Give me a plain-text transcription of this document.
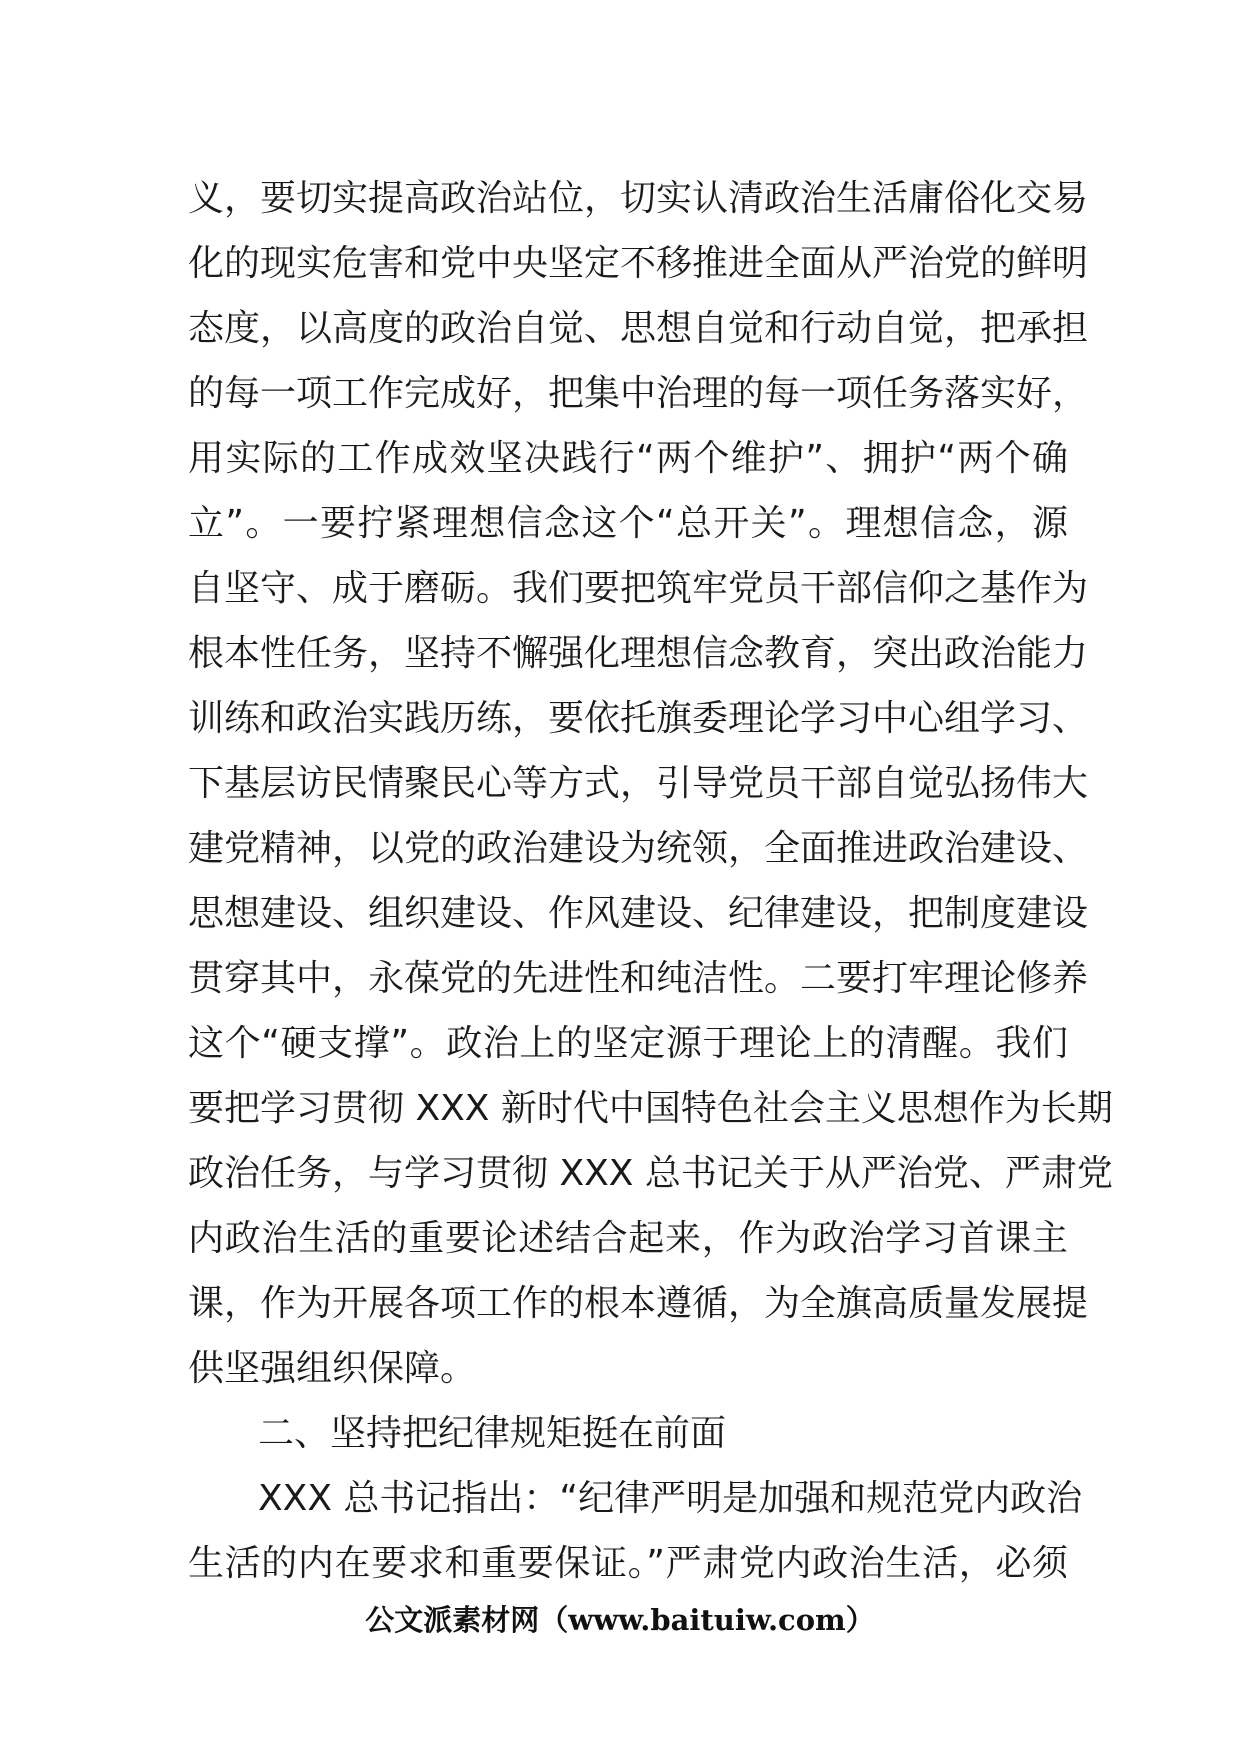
义，要切实提高政治站位，切实认清政治生活庸俗化交易
化的现实危害和党中央坚定不移推进全面从严治党的鲜明
态度，以高度的政治自觉、思想自觉和行动自觉，把承担
的每一项工作完成好，把集中治理的每一项任务落实好，
用实际的工作成效坚决践行“两个维护”、拥护“两个确
立”。一要拧紧理想信念这个“总开关”。理想信念，源
自坚守、成于磨砺。我们要把筑牢党员干部信仰之基作为
根本性任务，坚持不懈强化理想信念教育，突出政治能力
训练和政治实践历练，要依托旗委理论学习中心组学习、
下基层访民情聚民心等方式，引导党员干部自觉弘扬伟大
建党精神，以党的政治建设为统领，全面推进政治建设、
思想建设、组织建设、作风建设、纪律建设，把制度建设
贯穿其中，永葆党的先进性和纯洁性。二要打牢理论修养
这个“硬支撑”。政治上的坚定源于理论上的清醒。我们
要把学习贯彻 XXX 新时代中国特色社会主义思想作为长期
政治任务，与学习贯彻 XXX 总书记关于从严治党、严肃党
内政治生活的重要论述结合起来，作为政治学习首课主
课，作为开展各项工作的根本遵循，为全旗高质量发展提
供坚强组织保障。
二、坚持把纪律规矩挺在前面
XXX 总书记指出：“纪律严明是加强和规范党内政治
生活的内在要求和重要保证。”严肃党内政治生活，必须
公文派素材网（www.baituiw.com）
